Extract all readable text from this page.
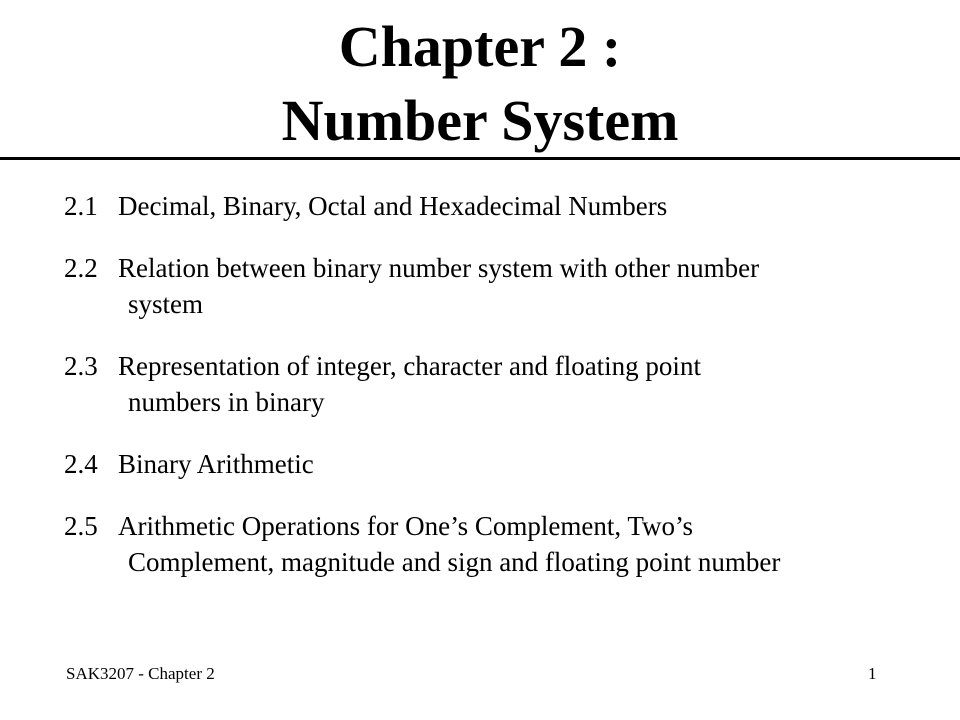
Chapter 2 :
Number System
2.1 Decimal, Binary, Octal and Hexadecimal Numbers
2.2 Relation between binary number system with other number
system
2.3 Representation of integer, character and floating point
numbers in binary
2.4 Binary Arithmetic
2.5 Arithmetic Operations for One’s Complement, Two’s
Complement, magnitude and sign and floating point number
SAK3207 - Chapter 2	1
